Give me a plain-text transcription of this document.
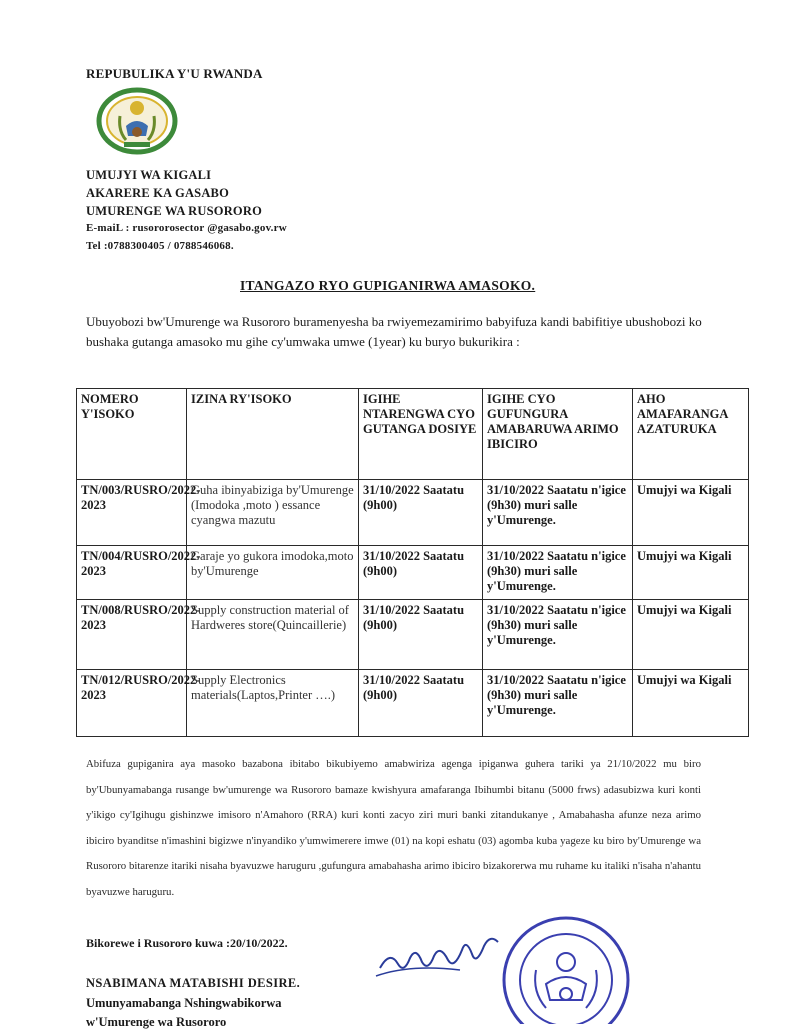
REPUBULIKA Y'U RWANDA
UMUJYI WA KIGALI
AKARERE KA GASABO
UMURENGE WA RUSORORO
E-maiL : rusororosector @gasabo.gov.rw
Tel :0788300405 / 0788546068.
ITANGAZO RYO GUPIGANIRWA AMASOKO.
Ubuyobozi bw'Umurenge wa Rusororo buramenyesha ba rwiyemezamirimo babyifuza kandi babifitiye ubushobozi ko bushaka gutanga amasoko mu gihe cy'umwaka umwe (1year) ku buryo bukurikira :
NOMERO Y'ISOKO	IZINA RY'ISOKO	IGIHE NTARENGWA CYO GUTANGA DOSIYE	IGIHE CYO GUFUNGURA AMABARUWA ARIMO IBICIRO	AHO AMAFARANGA AZATURUKA
TN/003/RUSRO/2022-2023	Guha ibinyabiziga by'Umurenge (Imodoka ,moto ) essance cyangwa mazutu	31/10/2022 Saatatu (9h00)	31/10/2022 Saatatu n'igice (9h30) muri salle y'Umurenge.	Umujyi wa Kigali
TN/004/RUSRO/2022-2023	Garaje yo gukora imodoka,moto by'Umurenge	31/10/2022 Saatatu (9h00)	31/10/2022 Saatatu n'igice (9h30) muri salle y'Umurenge.	Umujyi wa Kigali
TN/008/RUSRO/2022-2023	Supply construction material of Hardweres store(Quincaillerie)	31/10/2022 Saatatu (9h00)	31/10/2022 Saatatu n'igice (9h30) muri salle y'Umurenge.	Umujyi wa Kigali
TN/012/RUSRO/2022-2023	Supply Electronics materials(Laptos,Printer ….)	31/10/2022 Saatatu (9h00)	31/10/2022 Saatatu n'igice (9h30) muri salle y'Umurenge.	Umujyi wa Kigali
Abifuza gupiganira aya masoko bazabona ibitabo bikubiyemo amabwiriza agenga ipiganwa guhera tariki ya 21/10/2022 mu biro by'Ubunyamabanga rusange bw'umurenge wa Rusororo bamaze kwishyura amafaranga Ibihumbi bitanu (5000 frws) adasubizwa kuri konti y'ikigo cy'Igihugu gishinzwe imisoro n'Amahoro (RRA) kuri konti zacyo ziri muri banki zitandukanye , Amabahasha afunze neza arimo ibiciro byanditse n'imashini bigizwe n'inyandiko y'umwimerere imwe (01) na kopi eshatu (03) agomba kuba yageze ku biro by'Umurenge wa Rusororo bitarenze itariki nisaha byavuzwe haruguru ,gufungura amabahasha arimo ibiciro bizakorerwa mu ruhame ku italiki n'isaha n'ahantu byavuzwe haruguru.
Bikorewe i Rusororo kuwa :20/10/2022.
NSABIMANA MATABISHI DESIRE.
Umunyamabanga Nshingwabikorwa
w'Umurenge wa Rusororo
